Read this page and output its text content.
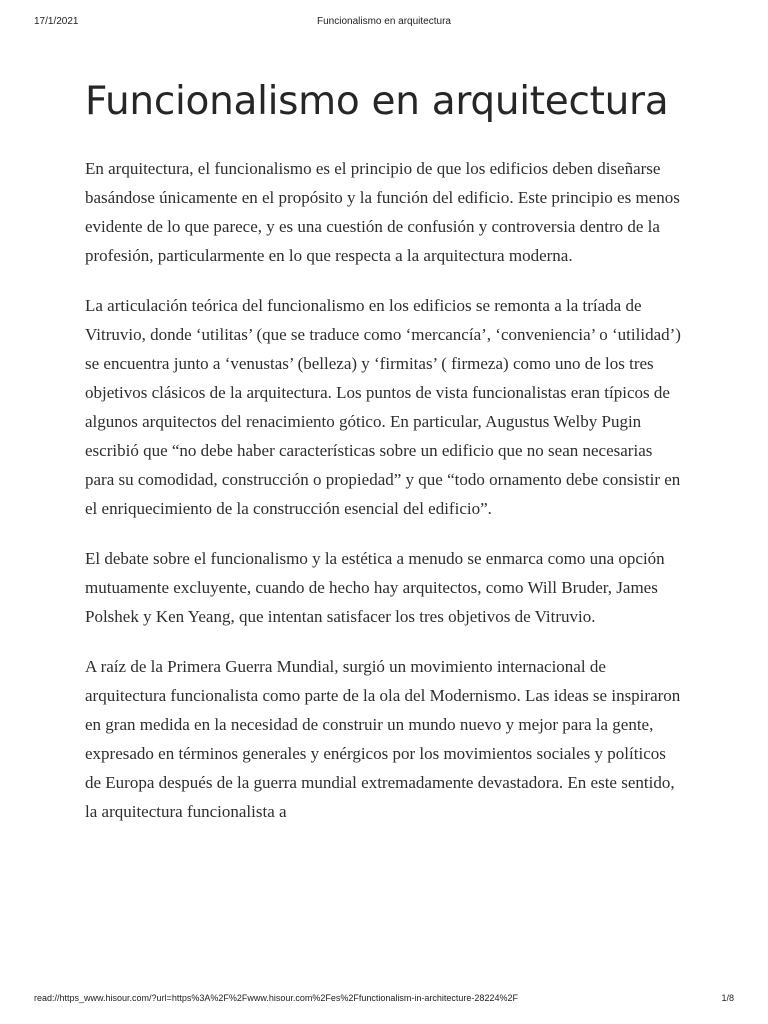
17/1/2021	Funcionalismo en arquitectura
Funcionalismo en arquitectura

En arquitectura, el funcionalismo es el principio de que los edificios deben diseñarse basándose únicamente en el propósito y la función del edificio. Este principio es menos evidente de lo que parece, y es una cuestión de confusión y controversia dentro de la profesión, particularmente en lo que respecta a la arquitectura moderna.

La articulación teórica del funcionalismo en los edificios se remonta a la tríada de Vitruvio, donde ‘utilitas’ (que se traduce como ‘mercancía’, ‘conveniencia’ o ‘utilidad’) se encuentra junto a ‘venustas’ (belleza) y ‘firmitas’ ( firmeza) como uno de los tres objetivos clásicos de la arquitectura. Los puntos de vista funcionalistas eran típicos de algunos arquitectos del renacimiento gótico. En particular, Augustus Welby Pugin escribió que “no debe haber características sobre un edificio que no sean necesarias para su comodidad, construcción o propiedad” y que “todo ornamento debe consistir en el enriquecimiento de la construcción esencial del edificio”.

El debate sobre el funcionalismo y la estética a menudo se enmarca como una opción mutuamente excluyente, cuando de hecho hay arquitectos, como Will Bruder, James Polshek y Ken Yeang, que intentan satisfacer los tres objetivos de Vitruvio.

A raíz de la Primera Guerra Mundial, surgió un movimiento internacional de arquitectura funcionalista como parte de la ola del Modernismo. Las ideas se inspiraron en gran medida en la necesidad de construir un mundo nuevo y mejor para la gente, expresado en términos generales y enérgicos por los movimientos sociales y políticos de Europa después de la guerra mundial extremadamente devastadora. En este sentido, la arquitectura funcionalista a

read://https_www.hisour.com/?url=https%3A%2F%2Fwww.hisour.com%2Fes%2Ffunctionalism-in-architecture-28224%2F	1/8
